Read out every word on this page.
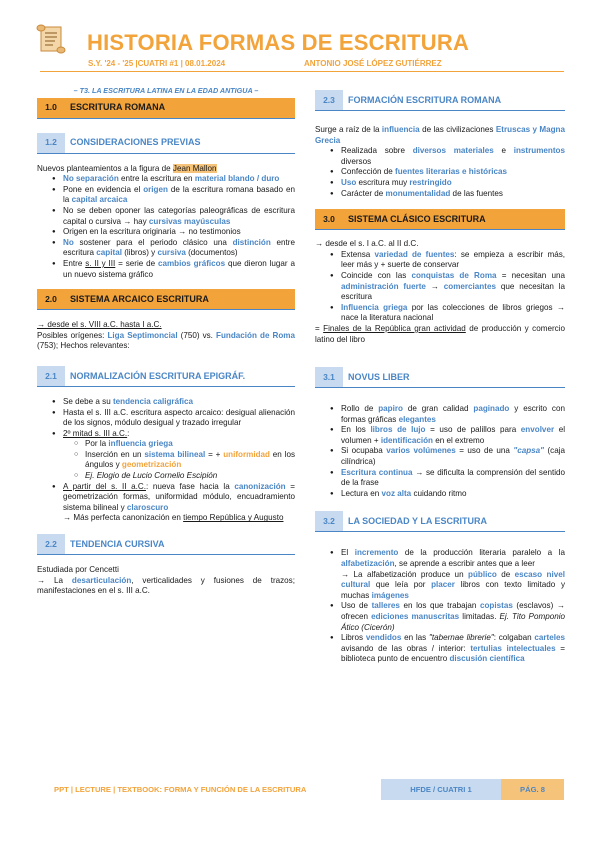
HISTORIA FORMAS DE ESCRITURA
S.Y. '24 - '25 |CUATRI #1 | 08.01.2024	ANTONIO JOSÉ LÓPEZ GUTIÉRREZ
– T3. LA ESCRITURA LATINA EN LA EDAD ANTIGUA –
1.0	ESCRITURA ROMANA
1.2	CONSIDERACIONES PREVIAS

Nuevos planteamientos a la figura de Jean Mallon

● No separación entre la escritura en material blando / duro
● Pone en evidencia el origen de la escritura romana basado en la capital arcaica
● No se deben oponer las categorías paleográficas de escritura capital o cursiva → hay cursivas mayúsculas
● Origen en la escritura originaria → no testimonios
● No sostener para el periodo clásico una distinción entre escritura capital (libros) y cursiva (documentos)
● Entre s. II y III = serie de cambios gráficos que dieron lugar a un nuevo sistema gráfico
2.0	SISTEMA ARCAICO ESCRITURA

→ desde el s. VIII a.C. hasta I a.C.

Posibles orígenes: Liga Septimoncial (750) vs. Fundación de Roma (753); Hechos relevantes:

2.1	NORMALIZACIÓN ESCRITURA EPIGRÁF.
● Se debe a su tendencia caligráfica
● Hasta el s. III a.C. escritura aspecto arcaico: desigual alienación de los signos, módulo desigual y trazado irregular
● 2º mitad s. III a.C.:
○ Por la influencia griega
○ Inserción en un sistema bilineal = + uniformidad en los ángulos y geometrización
○ Ej. Elogio de Lucio Cornelio Escipión
● A partir del s. II a.C.: nueva fase hacia la canonización = geometrización formas, uniformidad módulo, encuadramiento sistema bilineal y claroscuro
→ Más perfecta canonización en tiempo República y Augusto
2.2	TENDENCIA CURSIVA

Estudiada por Cencetti

→ La desarticulación, verticalidades y fusiones de trazos; manifestaciones en el s. III a.C.

2.3	FORMACIÓN ESCRITURA ROMANA

Surge a raíz de la influencia de las civilizaciones Etruscas y Magna Grecia

● Realizada sobre diversos materiales e instrumentos diversos
● Confección de fuentes literarias e históricas
● Uso escritura muy restringido
● Carácter de monumentalidad de las fuentes
3.0	SISTEMA CLÁSICO ESCRITURA

→ desde el s. I a.C. al II d.C.

● Extensa variedad de fuentes: se empieza a escribir más, leer más y + suerte de conservar
● Coincide con las conquistas de Roma = necesitan una administración fuerte → comerciantes que necesitan la escritura
● Influencia griega por las colecciones de libros griegos → nace la literatura nacional

= Finales de la República gran actividad de producción y comercio latino del libro

3.1	NOVUS LIBER
● Rollo de papiro de gran calidad paginado y escrito con formas gráficas elegantes
● En los libros de lujo = uso de palillos para envolver el volumen + identificación en el extremo
● Si ocupaba varios volúmenes = uso de una "capsa" (caja cilíndrica)
● Escritura continua → se dificulta la comprensión del sentido de la frase
● Lectura en voz alta cuidando ritmo
3.2	LA SOCIEDAD Y LA ESCRITURA
● El incremento de la producción literaria paralelo a la alfabetización, se aprende a escribir antes que a leer
→ La alfabetización produce un público de escaso nivel cultural que leía por placer libros con texto limitado y muchas imágenes
● Uso de talleres en los que trabajan copistas (esclavos) → ofrecen ediciones manuscritas limitadas. Ej. Tito Pomponio Ático (Cicerón)
● Libros vendidos en las "tabernae librerie": colgaban carteles avisando de las obras / interior: tertulias intelectuales = biblioteca punto de encuentro discusión científica
PPT | LECTURE | TEXTBOOK: FORMA Y FUNCIÓN DE LA ESCRITURA	HFDE / CUATRI 1	PÁG. 8
